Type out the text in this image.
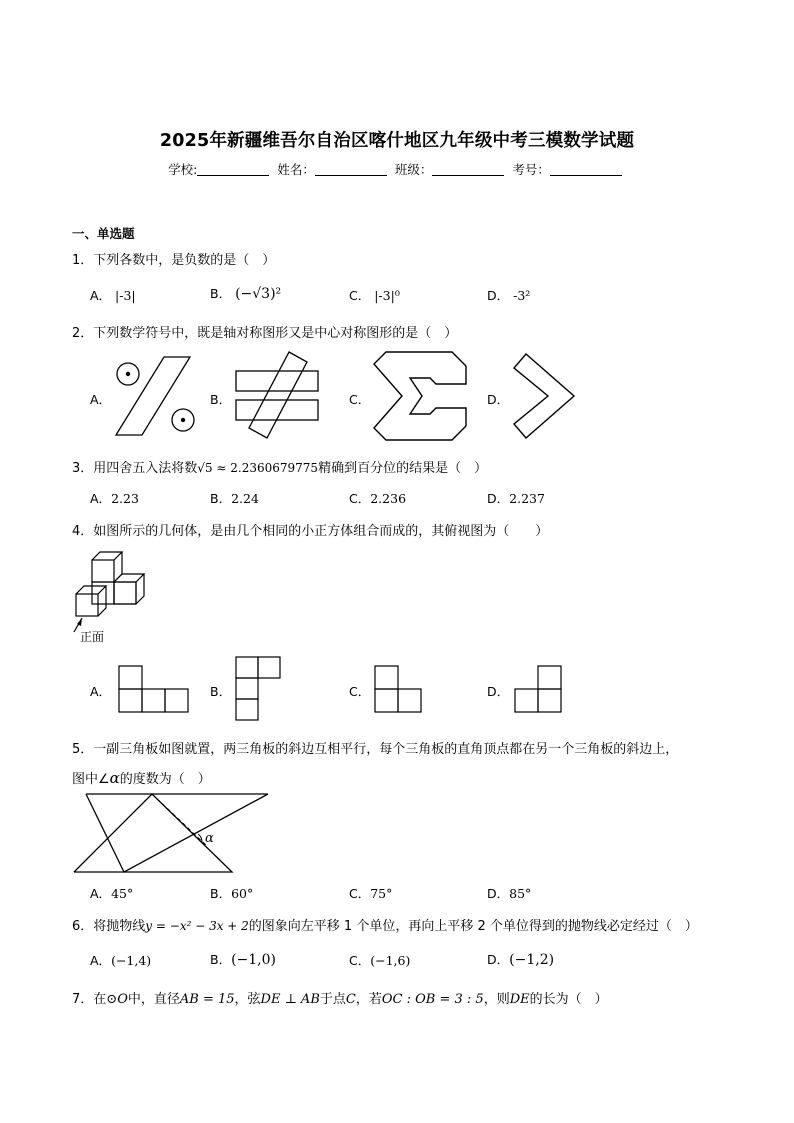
2025年新疆维吾尔自治区喀什地区九年级中考三模数学试题
学校:	姓名：	班级：	考号：
一、单选题
1．下列各数中，是负数的是（　）
A． |-3|	B． (−√3)²	C． |-3|⁰	D． -3²
2．下列数学符号中，既是轴对称图形又是中心对称图形的是（　）
A．	B．	C．	D．
3．用四舍五入法将数√5 ≈ 2.2360679775精确到百分位的结果是（　）
A．2.23	B．2.24	C．2.236	D．2.237
4．如图所示的几何体，是由几个相同的小正方体组合而成的，其俯视图为（　　）
正面
A．	B．	C．	D．
5．一副三角板如图就置，两三角板的斜边互相平行，每个三角板的直角顶点都在另一个三角板的斜边上，
图中∠α的度数为（　）
α
A．45°	B．60°	C．75°	D．85°
6．将抛物线y = −x² − 3x + 2的图象向左平移 1 个单位，再向上平移 2 个单位得到的抛物线必定经过（　）
A．(−1,4)	B．(−1,0)	C．(−1,6)	D．(−1,2)
7．在⊙O中，直径AB = 15，弦DE ⊥ AB于点C，若OC : OB = 3 : 5，则DE的长为（　）
